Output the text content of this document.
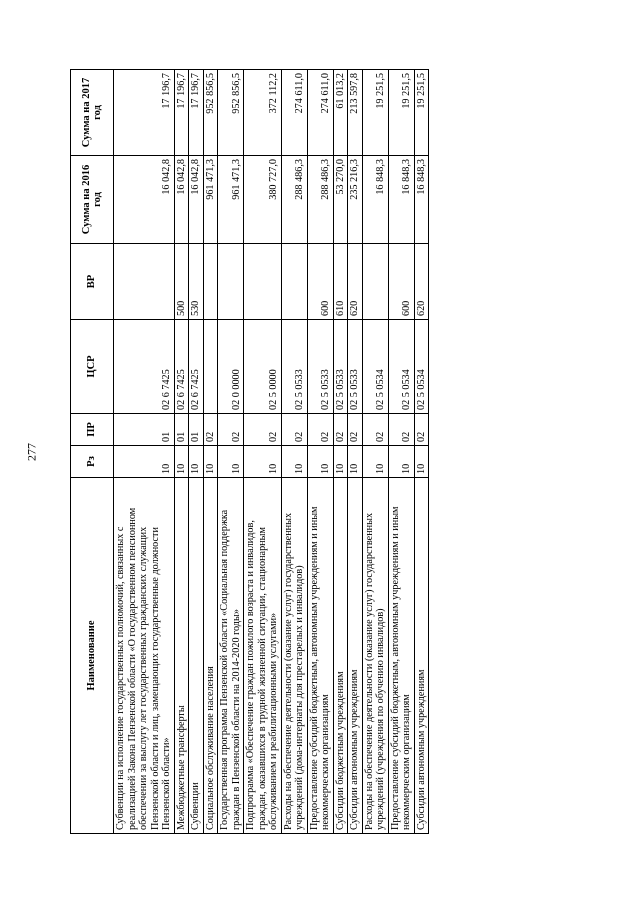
277
Наименование	Рз	ПР	ЦСР	ВР	Сумма на 2016 год	Сумма на 2017 год
Субвенции на исполнение государственных полномочий, связанных с реализацией Закона Пензенской области «О государственном пенсионном обеспечении за выслугу лет государственных гражданских служащих Пензенской области и лиц, замещающих государственные должности Пензенской области»	10	01	02 6 7425		16 042,8	17 196,7
Межбюджетные трансферты	10	01	02 6 7425	500	16 042,8	17 196,7
Субвенции	10	01	02 6 7425	530	16 042,8	17 196,7
Социальное обслуживание населения	10	02			961 471,3	952 856,5
Государственная программа Пензенской области «Социальная поддержка граждан в Пензенской области на 2014-2020 годы»	10	02	02 0 0000		961 471,3	952 856,5
Подпрограмма «Обеспечение граждан пожилого возраста и инвалидов, граждан, оказавшихся в трудной жизненной ситуации, стационарным обслуживанием и реабилитационными услугами»	10	02	02 5 0000		380 727,0	372 112,2
Расходы на обеспечение деятельности (оказание услуг) государственных учреждений (дома-интернаты для престарелых и инвалидов)	10	02	02 5 0533		288 486,3	274 611,0
Предоставление субсидий бюджетным, автономным учреждениям и иным некоммерческим организациям	10	02	02 5 0533	600	288 486,3	274 611,0
Субсидии бюджетным учреждениям	10	02	02 5 0533	610	53 270,0	61 013,2
Субсидии автономным учреждениям	10	02	02 5 0533	620	235 216,3	213 597,8
Расходы на обеспечение деятельности (оказание услуг) государственных учреждений (учреждения по обучению инвалидов)	10	02	02 5 0534		16 848,3	19 251,5
Предоставление субсидий бюджетным, автономным учреждениям и иным некоммерческим организациям	10	02	02 5 0534	600	16 848,3	19 251,5
Субсидии автономным учреждениям	10	02	02 5 0534	620	16 848,3	19 251,5
